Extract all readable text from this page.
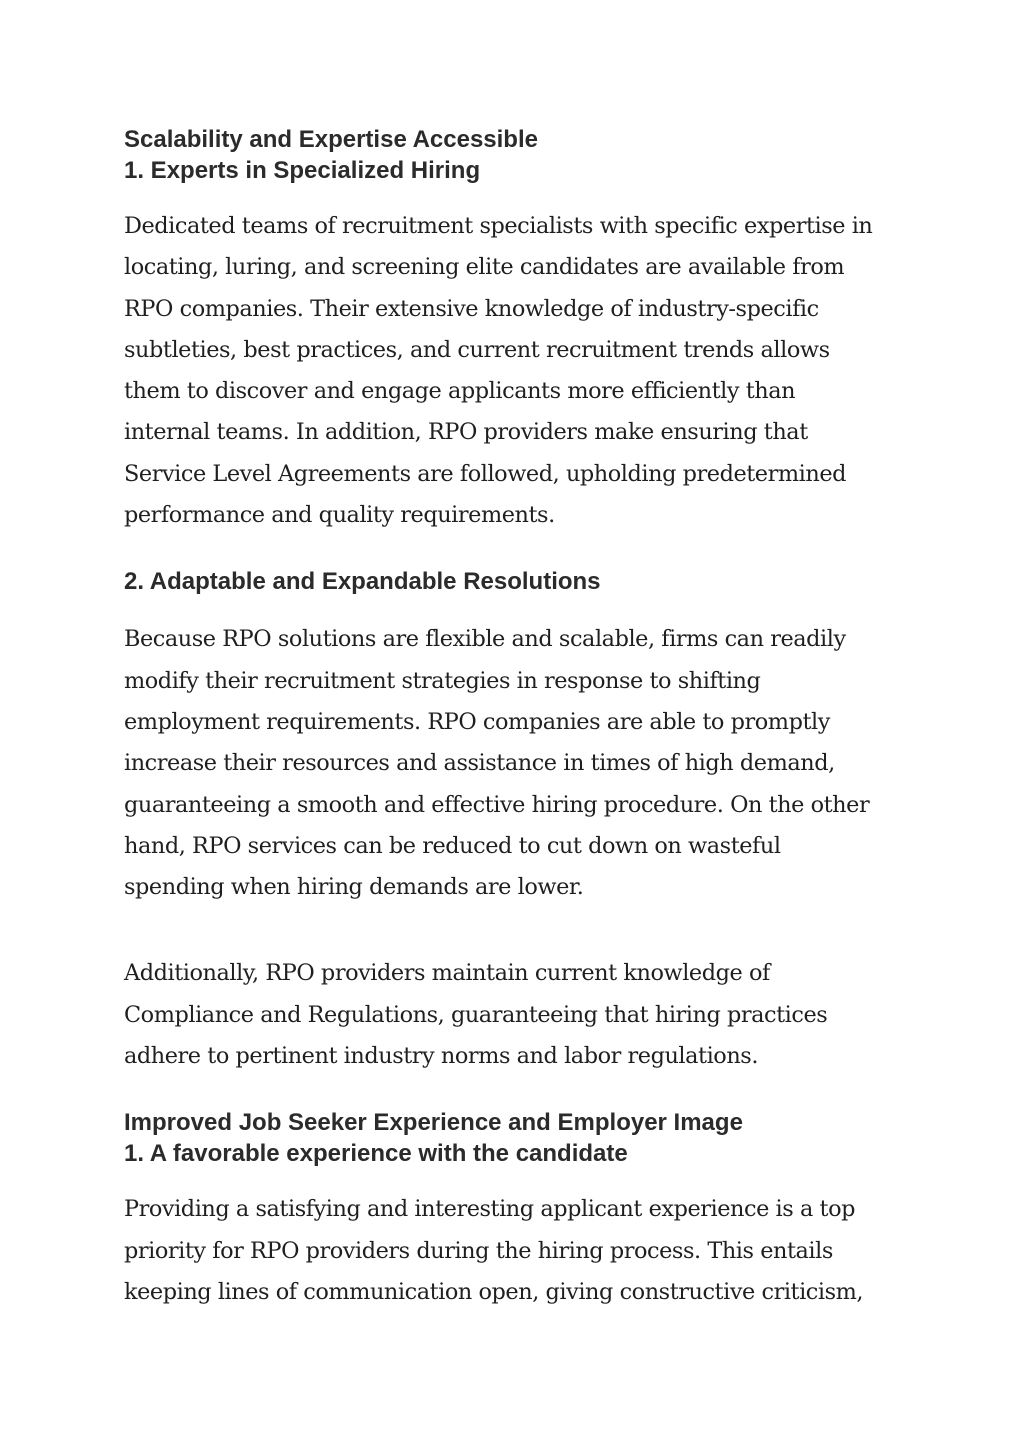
Scalability and Expertise Accessible
1. Experts in Specialized Hiring

Dedicated teams of recruitment specialists with specific expertise in
locating, luring, and screening elite candidates are available from
RPO companies. Their extensive knowledge of industry-specific
subtleties, best practices, and current recruitment trends allows
them to discover and engage applicants more efficiently than
internal teams. In addition, RPO providers make ensuring that
Service Level Agreements are followed, upholding predetermined
performance and quality requirements.

2. Adaptable and Expandable Resolutions

Because RPO solutions are flexible and scalable, firms can readily
modify their recruitment strategies in response to shifting
employment requirements. RPO companies are able to promptly
increase their resources and assistance in times of high demand,
guaranteeing a smooth and effective hiring procedure. On the other
hand, RPO services can be reduced to cut down on wasteful
spending when hiring demands are lower.

Additionally, RPO providers maintain current knowledge of
Compliance and Regulations, guaranteeing that hiring practices
adhere to pertinent industry norms and labor regulations.

Improved Job Seeker Experience and Employer Image
1. A favorable experience with the candidate

Providing a satisfying and interesting applicant experience is a top
priority for RPO providers during the hiring process. This entails
keeping lines of communication open, giving constructive criticism,
